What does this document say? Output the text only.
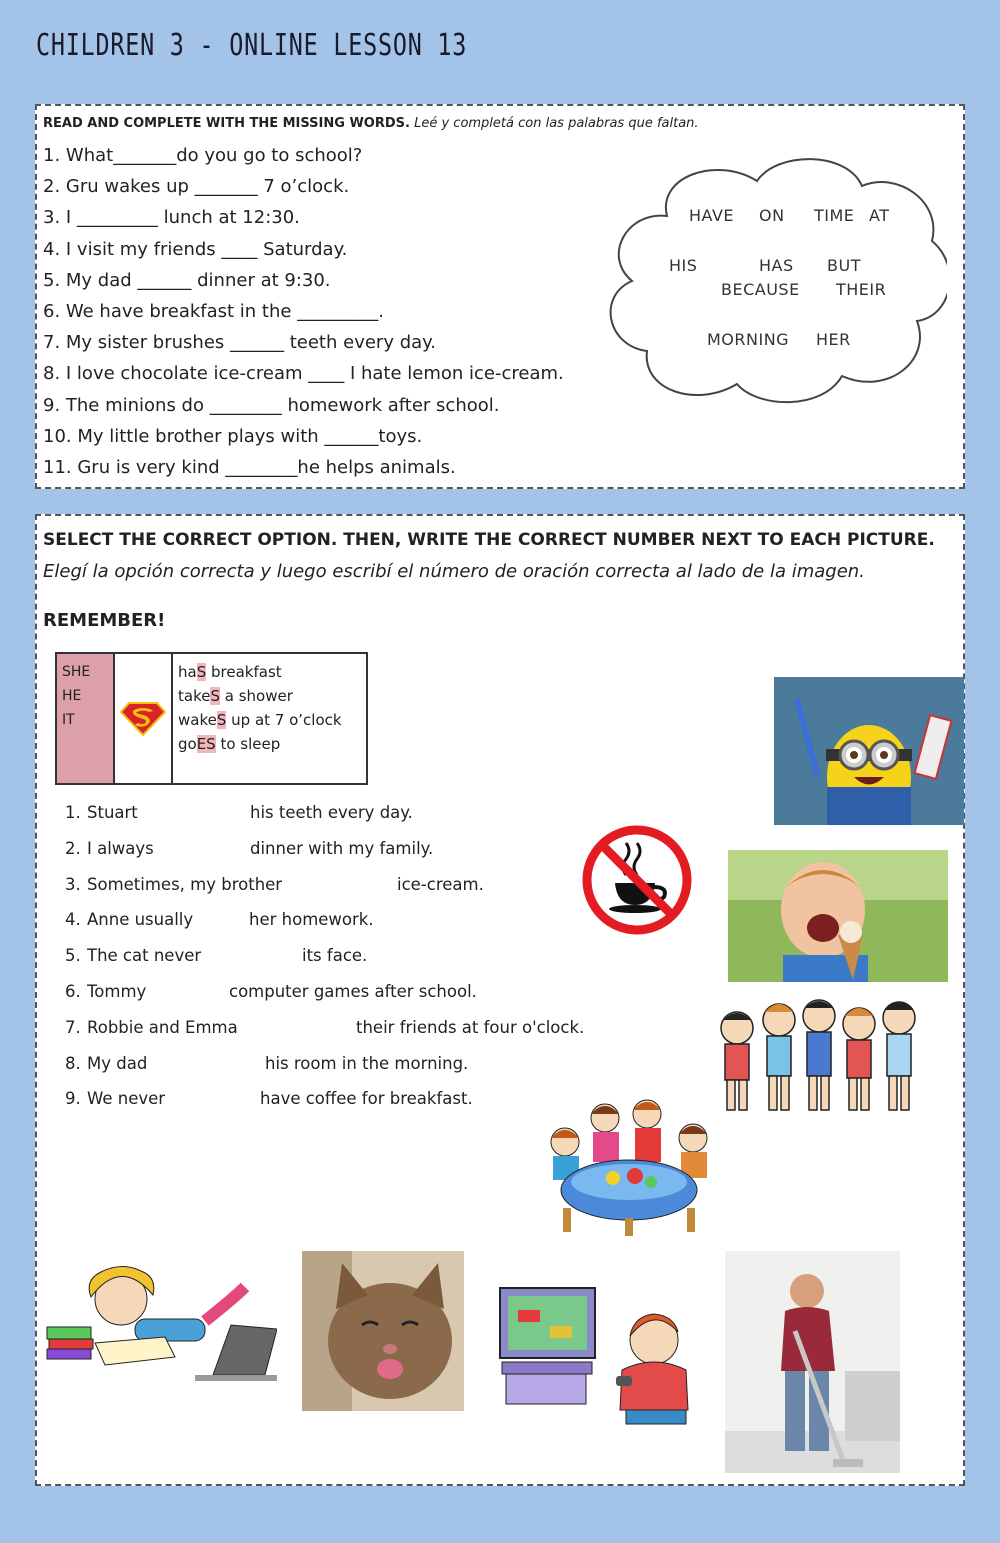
CHILDREN 3 - ONLINE LESSON 13
READ AND COMPLETE WITH THE MISSING WORDS. Leé y completá con las palabras que faltan.
1. What_______do you go to school?
2. Gru wakes up _______ 7 o’clock.
3. I _________ lunch at 12:30.
4. I visit my friends ____ Saturday.
5. My dad ______ dinner at 9:30.
6. We have breakfast in the _________.
7. My sister brushes ______ teeth every day.
8. I love chocolate ice-cream ____ I hate lemon ice-cream.
9. The minions do ________ homework after school.
10. My little brother plays with ______toys.
11. Gru is very kind ________he helps animals.
HAVE ON TIME AT
HIS	HAS BUT
BECAUSE THEIR
MORNING HER
SELECT THE CORRECT OPTION. THEN, WRITE THE CORRECT NUMBER NEXT TO EACH PICTURE. Elegí la opción correcta y luego escribí el número de oración correcta al lado de la imagen.
REMEMBER!
SHE
HE
IT
haS breakfast
takeS a shower
wakeS up at 7 o’clock
goES to sleep
1. Stuart	his teeth every day.
2. I always	dinner with my family.
3. Sometimes, my brother	ice-cream.
4. Anne usually	her homework.
5. The cat never	its face.
6. Tommy	computer games after school.
7. Robbie and Emma	their friends at four o'clock.
8. My dad	his room in the morning.
9. We never	have coffee for breakfast.
